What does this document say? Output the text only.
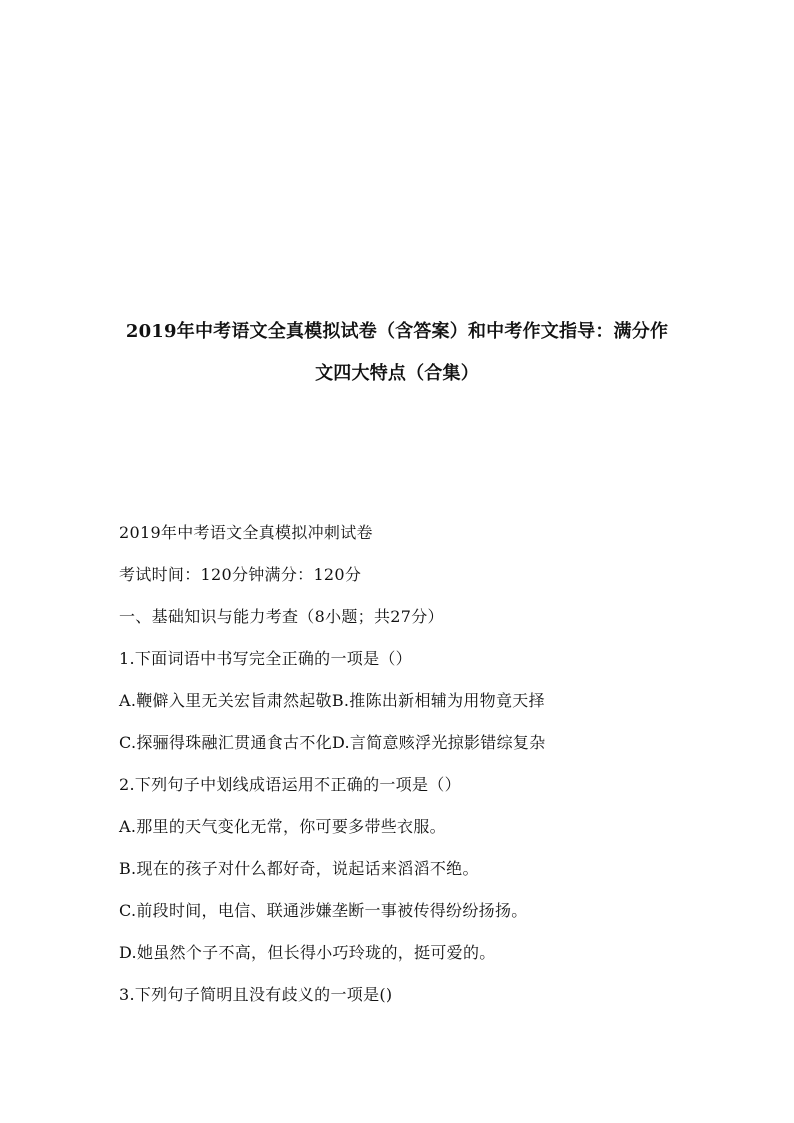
2019年中考语文全真模拟试卷（含答案）和中考作文指导：满分作
文四大特点（合集）
2019年中考语文全真模拟冲刺试卷
考试时间：120分钟满分：120分
一、基础知识与能力考查（8小题；共27分）
1.下面词语中书写完全正确的一项是（）
A.鞭僻入里无关宏旨肃然起敬B.推陈出新相辅为用物竟天择
C.探骊得珠融汇贯通食古不化D.言简意赅浮光掠影错综复杂
2.下列句子中划线成语运用不正确的一项是（）
A.那里的天气变化无常，你可要多带些衣服。
B.现在的孩子对什么都好奇，说起话来滔滔不绝。
C.前段时间，电信、联通涉嫌垄断一事被传得纷纷扬扬。
D.她虽然个子不高，但长得小巧玲珑的，挺可爱的。
3.下列句子简明且没有歧义的一项是()
